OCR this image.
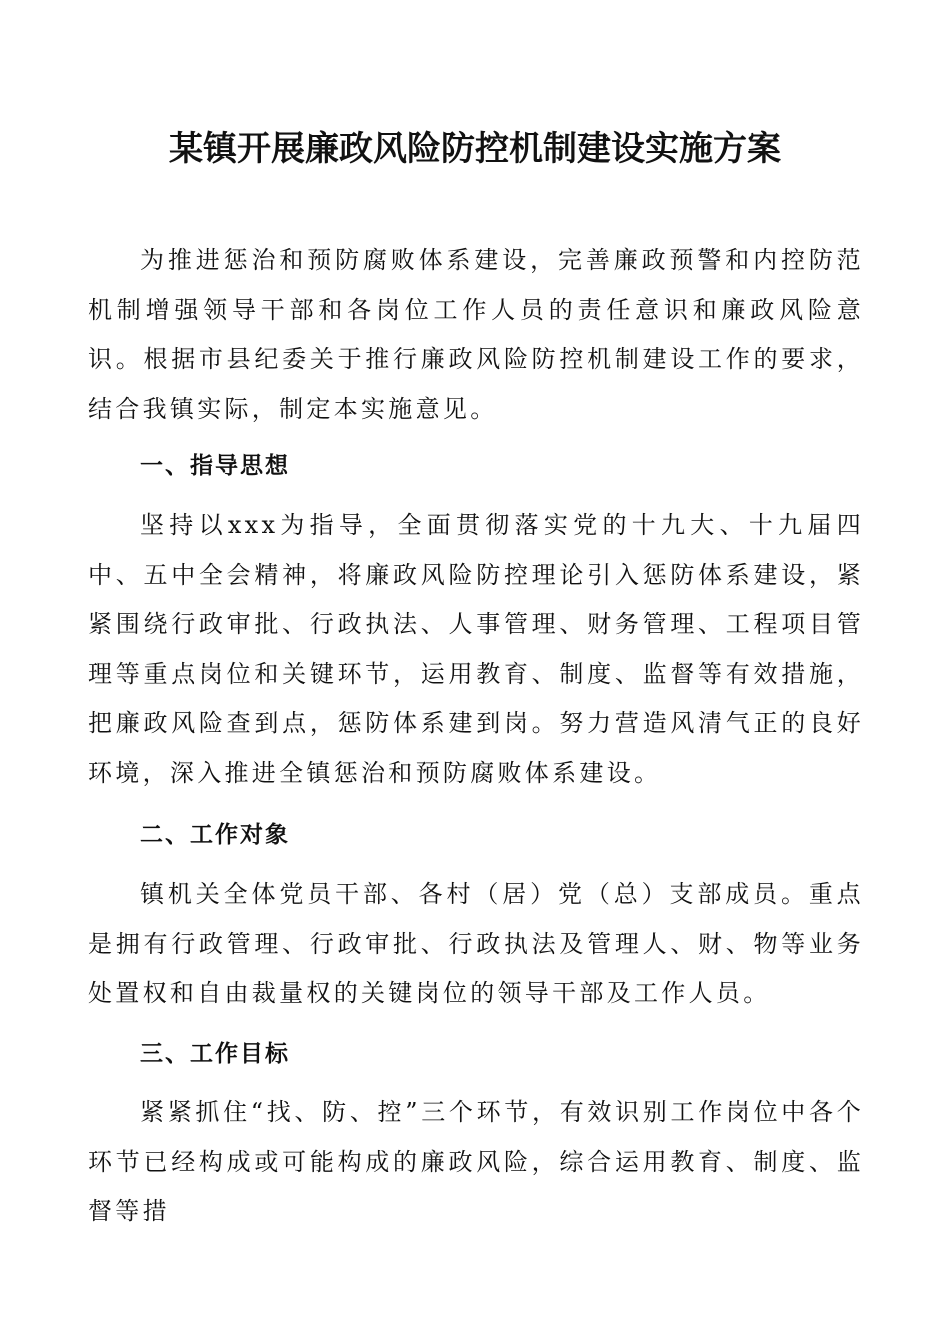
某镇开展廉政风险防控机制建设实施方案

为推进惩治和预防腐败体系建设，完善廉政预警和内控防范机制增强领导干部和各岗位工作人员的责任意识和廉政风险意识。根据市县纪委关于推行廉政风险防控机制建设工作的要求，结合我镇实际，制定本实施意见。

一、指导思想

坚持以xxx为指导，全面贯彻落实党的十九大、十九届四中、五中全会精神，将廉政风险防控理论引入惩防体系建设，紧紧围绕行政审批、行政执法、人事管理、财务管理、工程项目管理等重点岗位和关键环节，运用教育、制度、监督等有效措施，把廉政风险查到点，惩防体系建到岗。努力营造风清气正的良好环境，深入推进全镇惩治和预防腐败体系建设。

二、工作对象

镇机关全体党员干部、各村（居）党（总）支部成员。重点是拥有行政管理、行政审批、行政执法及管理人、财、物等业务处置权和自由裁量权的关键岗位的领导干部及工作人员。

三、工作目标

紧紧抓住“找、防、控”三个环节，有效识别工作岗位中各个环节已经构成或可能构成的廉政风险，综合运用教育、制度、监督等措
